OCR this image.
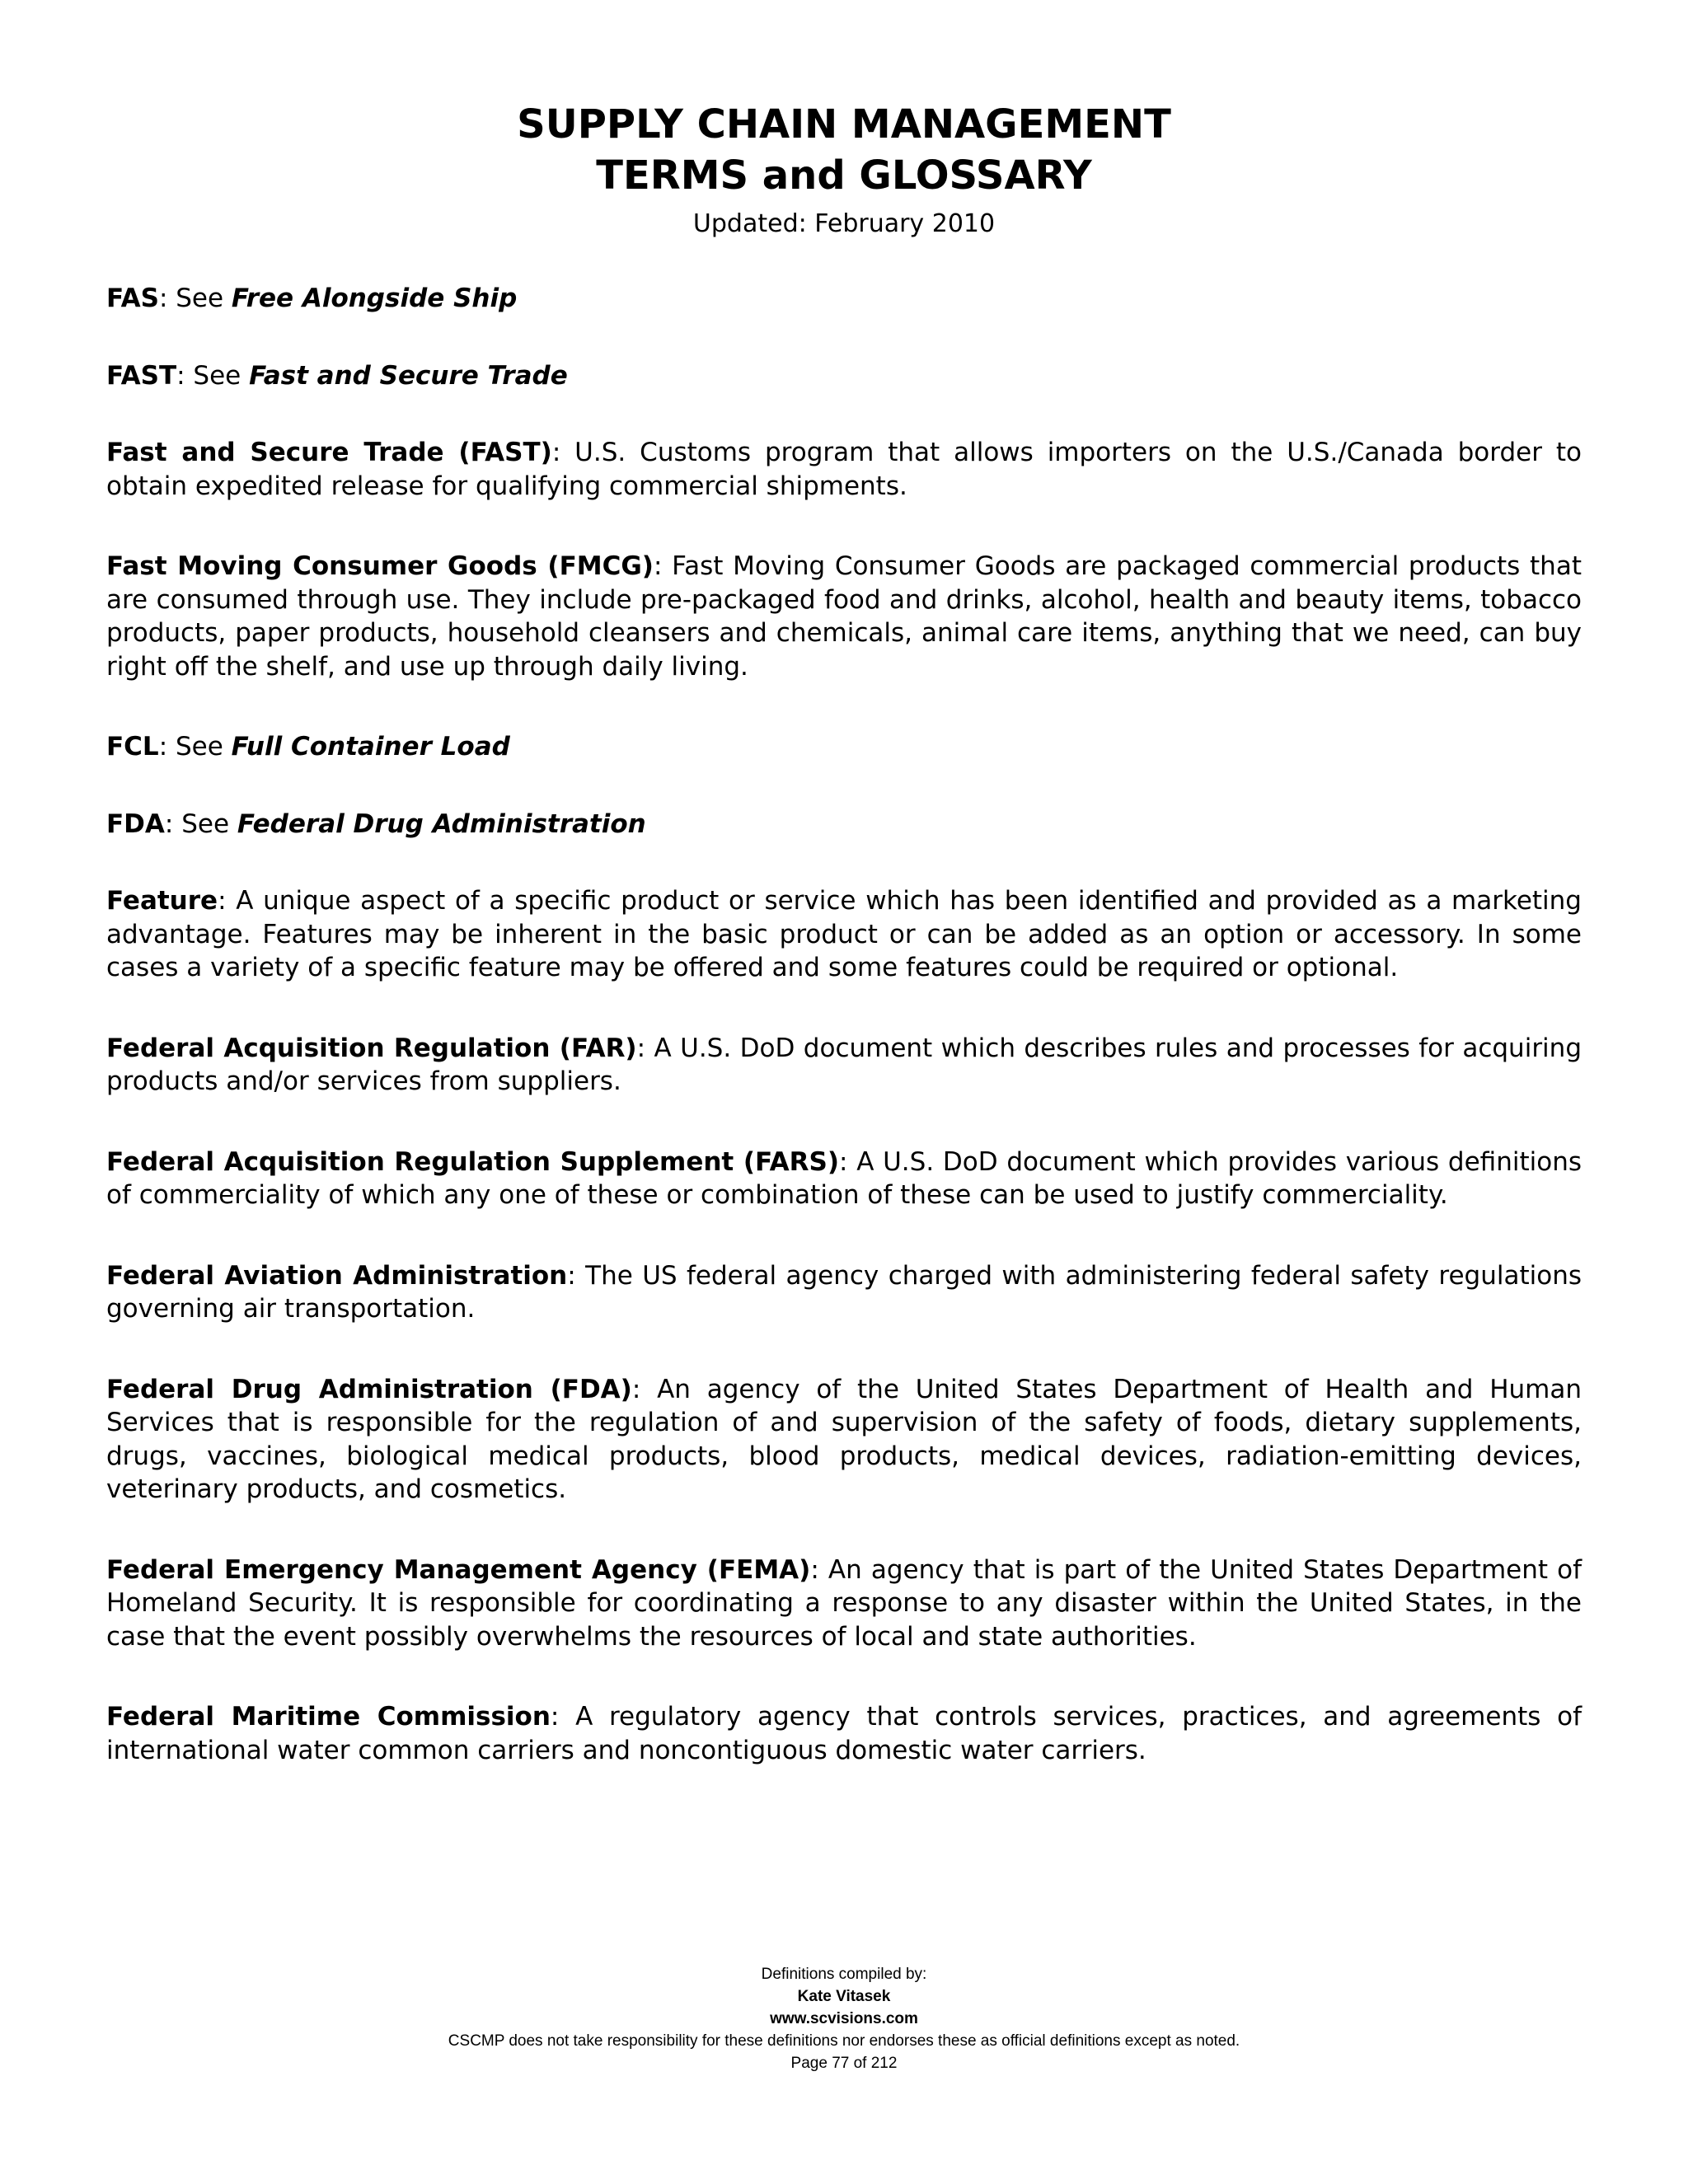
SUPPLY CHAIN MANAGEMENT
TERMS and GLOSSARY
Updated: February 2010

FAS: See Free Alongside Ship

FAST: See Fast and Secure Trade

Fast and Secure Trade (FAST): U.S. Customs program that allows importers on the U.S./Canada border to obtain expedited release for qualifying commercial shipments.

Fast Moving Consumer Goods (FMCG): Fast Moving Consumer Goods are packaged commercial products that are consumed through use. They include pre-packaged food and drinks, alcohol, health and beauty items, tobacco products, paper products, household cleansers and chemicals, animal care items, anything that we need, can buy right off the shelf, and use up through daily living.

FCL: See Full Container Load

FDA: See Federal Drug Administration

Feature: A unique aspect of a specific product or service which has been identified and provided as a marketing advantage. Features may be inherent in the basic product or can be added as an option or accessory. In some cases a variety of a specific feature may be offered and some features could be required or optional.

Federal Acquisition Regulation (FAR): A U.S. DoD document which describes rules and processes for acquiring products and/or services from suppliers.

Federal Acquisition Regulation Supplement (FARS): A U.S. DoD document which provides various definitions of commerciality of which any one of these or combination of these can be used to justify commerciality.

Federal Aviation Administration: The US federal agency charged with administering federal safety regulations governing air transportation.

Federal Drug Administration (FDA): An agency of the United States Department of Health and Human Services that is responsible for the regulation of and supervision of the safety of foods, dietary supplements, drugs, vaccines, biological medical products, blood products, medical devices, radiation-emitting devices, veterinary products, and cosmetics.

Federal Emergency Management Agency (FEMA): An agency that is part of the United States Department of Homeland Security. It is responsible for coordinating a response to any disaster within the United States, in the case that the event possibly overwhelms the resources of local and state authorities.

Federal Maritime Commission: A regulatory agency that controls services, practices, and agreements of international water common carriers and noncontiguous domestic water carriers.

Definitions compiled by:
Kate Vitasek
www.scvisions.com
CSCMP does not take responsibility for these definitions nor endorses these as official definitions except as noted.
Page 77 of 212
